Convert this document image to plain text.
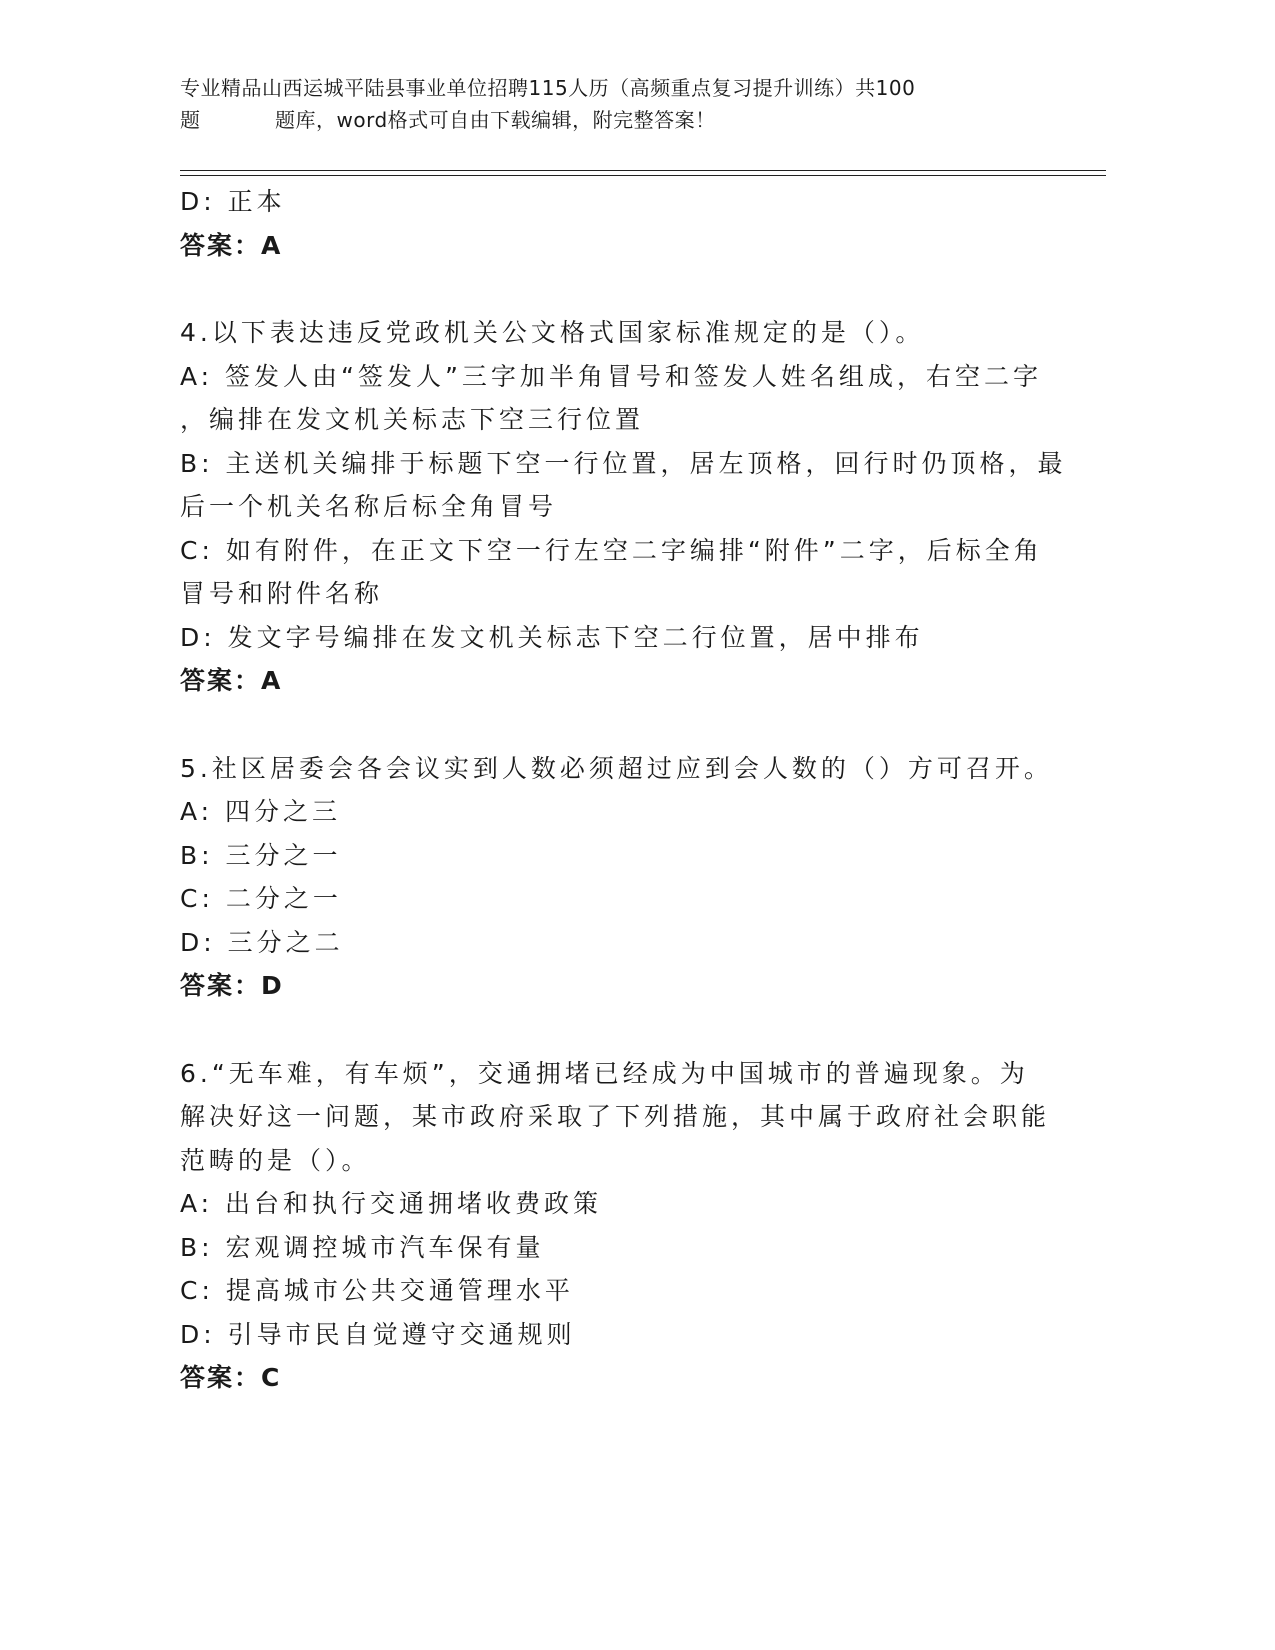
专业精品山西运城平陆县事业单位招聘115人历（高频重点复习提升训练）共100
题	题库，word格式可自由下载编辑，附完整答案！
D: 正本
答案：A
4.以下表达违反党政机关公文格式国家标准规定的是（）。
A: 签发人由“签发人”三字加半角冒号和签发人姓名组成，右空二字
，编排在发文机关标志下空三行位置
B: 主送机关编排于标题下空一行位置，居左顶格，回行时仍顶格，最
后一个机关名称后标全角冒号
C: 如有附件，在正文下空一行左空二字编排“附件”二字，后标全角
冒号和附件名称
D: 发文字号编排在发文机关标志下空二行位置，居中排布
答案：A
5.社区居委会各会议实到人数必须超过应到会人数的（）方可召开。
A: 四分之三
B: 三分之一
C: 二分之一
D: 三分之二
答案：D
6.“无车难，有车烦”，交通拥堵已经成为中国城市的普遍现象。为
解决好这一问题，某市政府采取了下列措施，其中属于政府社会职能
范畴的是（）。
A: 出台和执行交通拥堵收费政策
B: 宏观调控城市汽车保有量
C: 提高城市公共交通管理水平
D: 引导市民自觉遵守交通规则
答案：C
